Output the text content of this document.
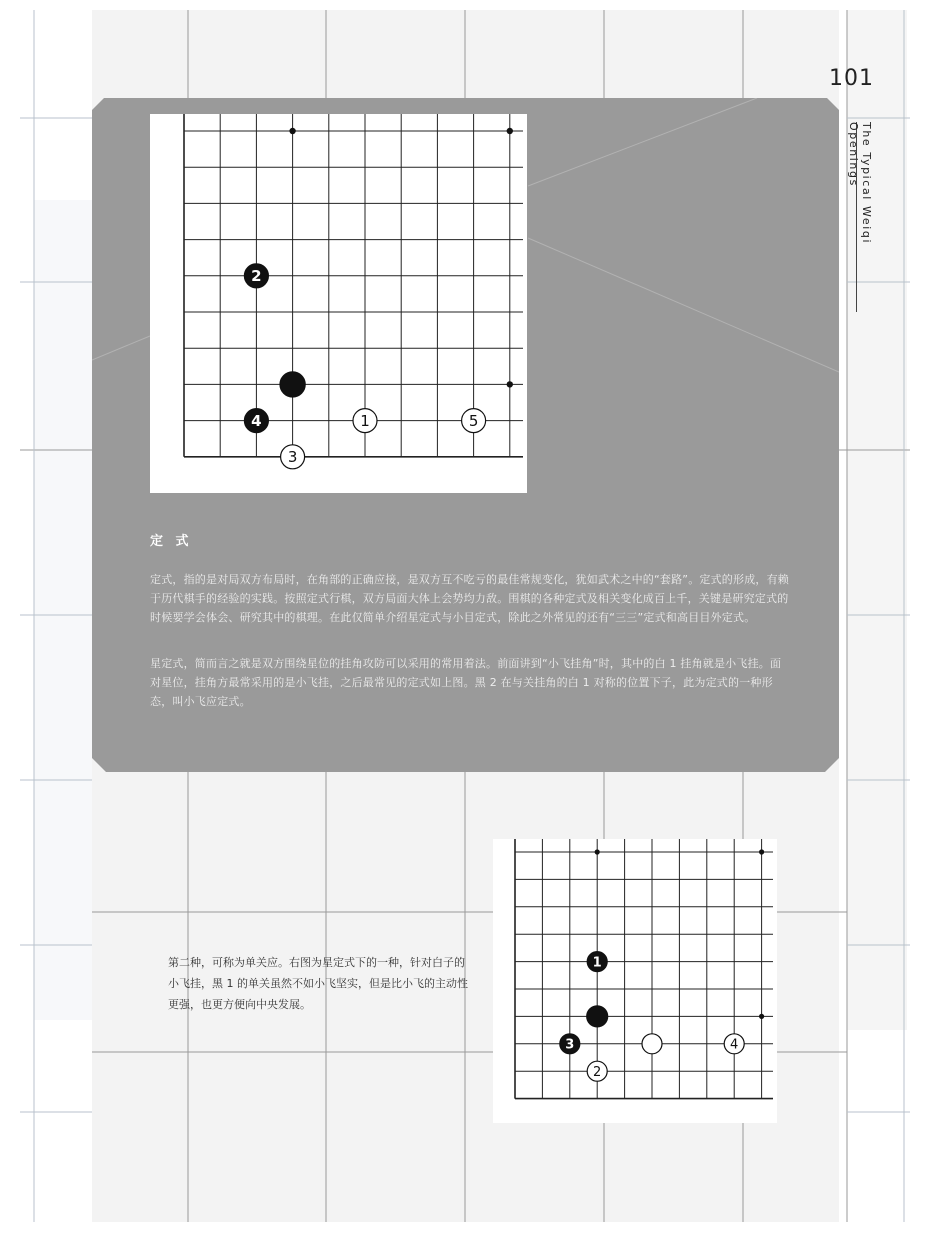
101
The Typical Weiqi Openings
2
4	1
3
5
定 式
定式，指的是对局双方布局时，在角部的正确应接，是双方互不吃亏的最佳常规变化，犹如武术之中的“套路”。定式的形成，有赖于历代棋手的经验的实践。按照定式行棋，双方局面大体上会势均力敌。围棋的各种定式及相关变化成百上千，关键是研究定式的时候要学会体会、研究其中的棋理。在此仅简单介绍星定式与小目定式，除此之外常见的还有“三三”定式和高目目外定式。
星定式，简而言之就是双方围绕星位的挂角攻防可以采用的常用着法。前面讲到“小飞挂角”时，其中的白 1 挂角就是小飞挂。面对星位，挂角方最常采用的是小飞挂，之后最常见的定式如上图。黑 2 在与关挂角的白 1 对称的位置下子，此为定式的一种形态，叫小飞应定式。
第二种，可称为单关应。右图为星定式下的一种，针对白子的小飞挂，黑 1 的单关虽然不如小飞坚实，但是比小飞的主动性更强，也更方便向中央发展。
1
3
2
4
